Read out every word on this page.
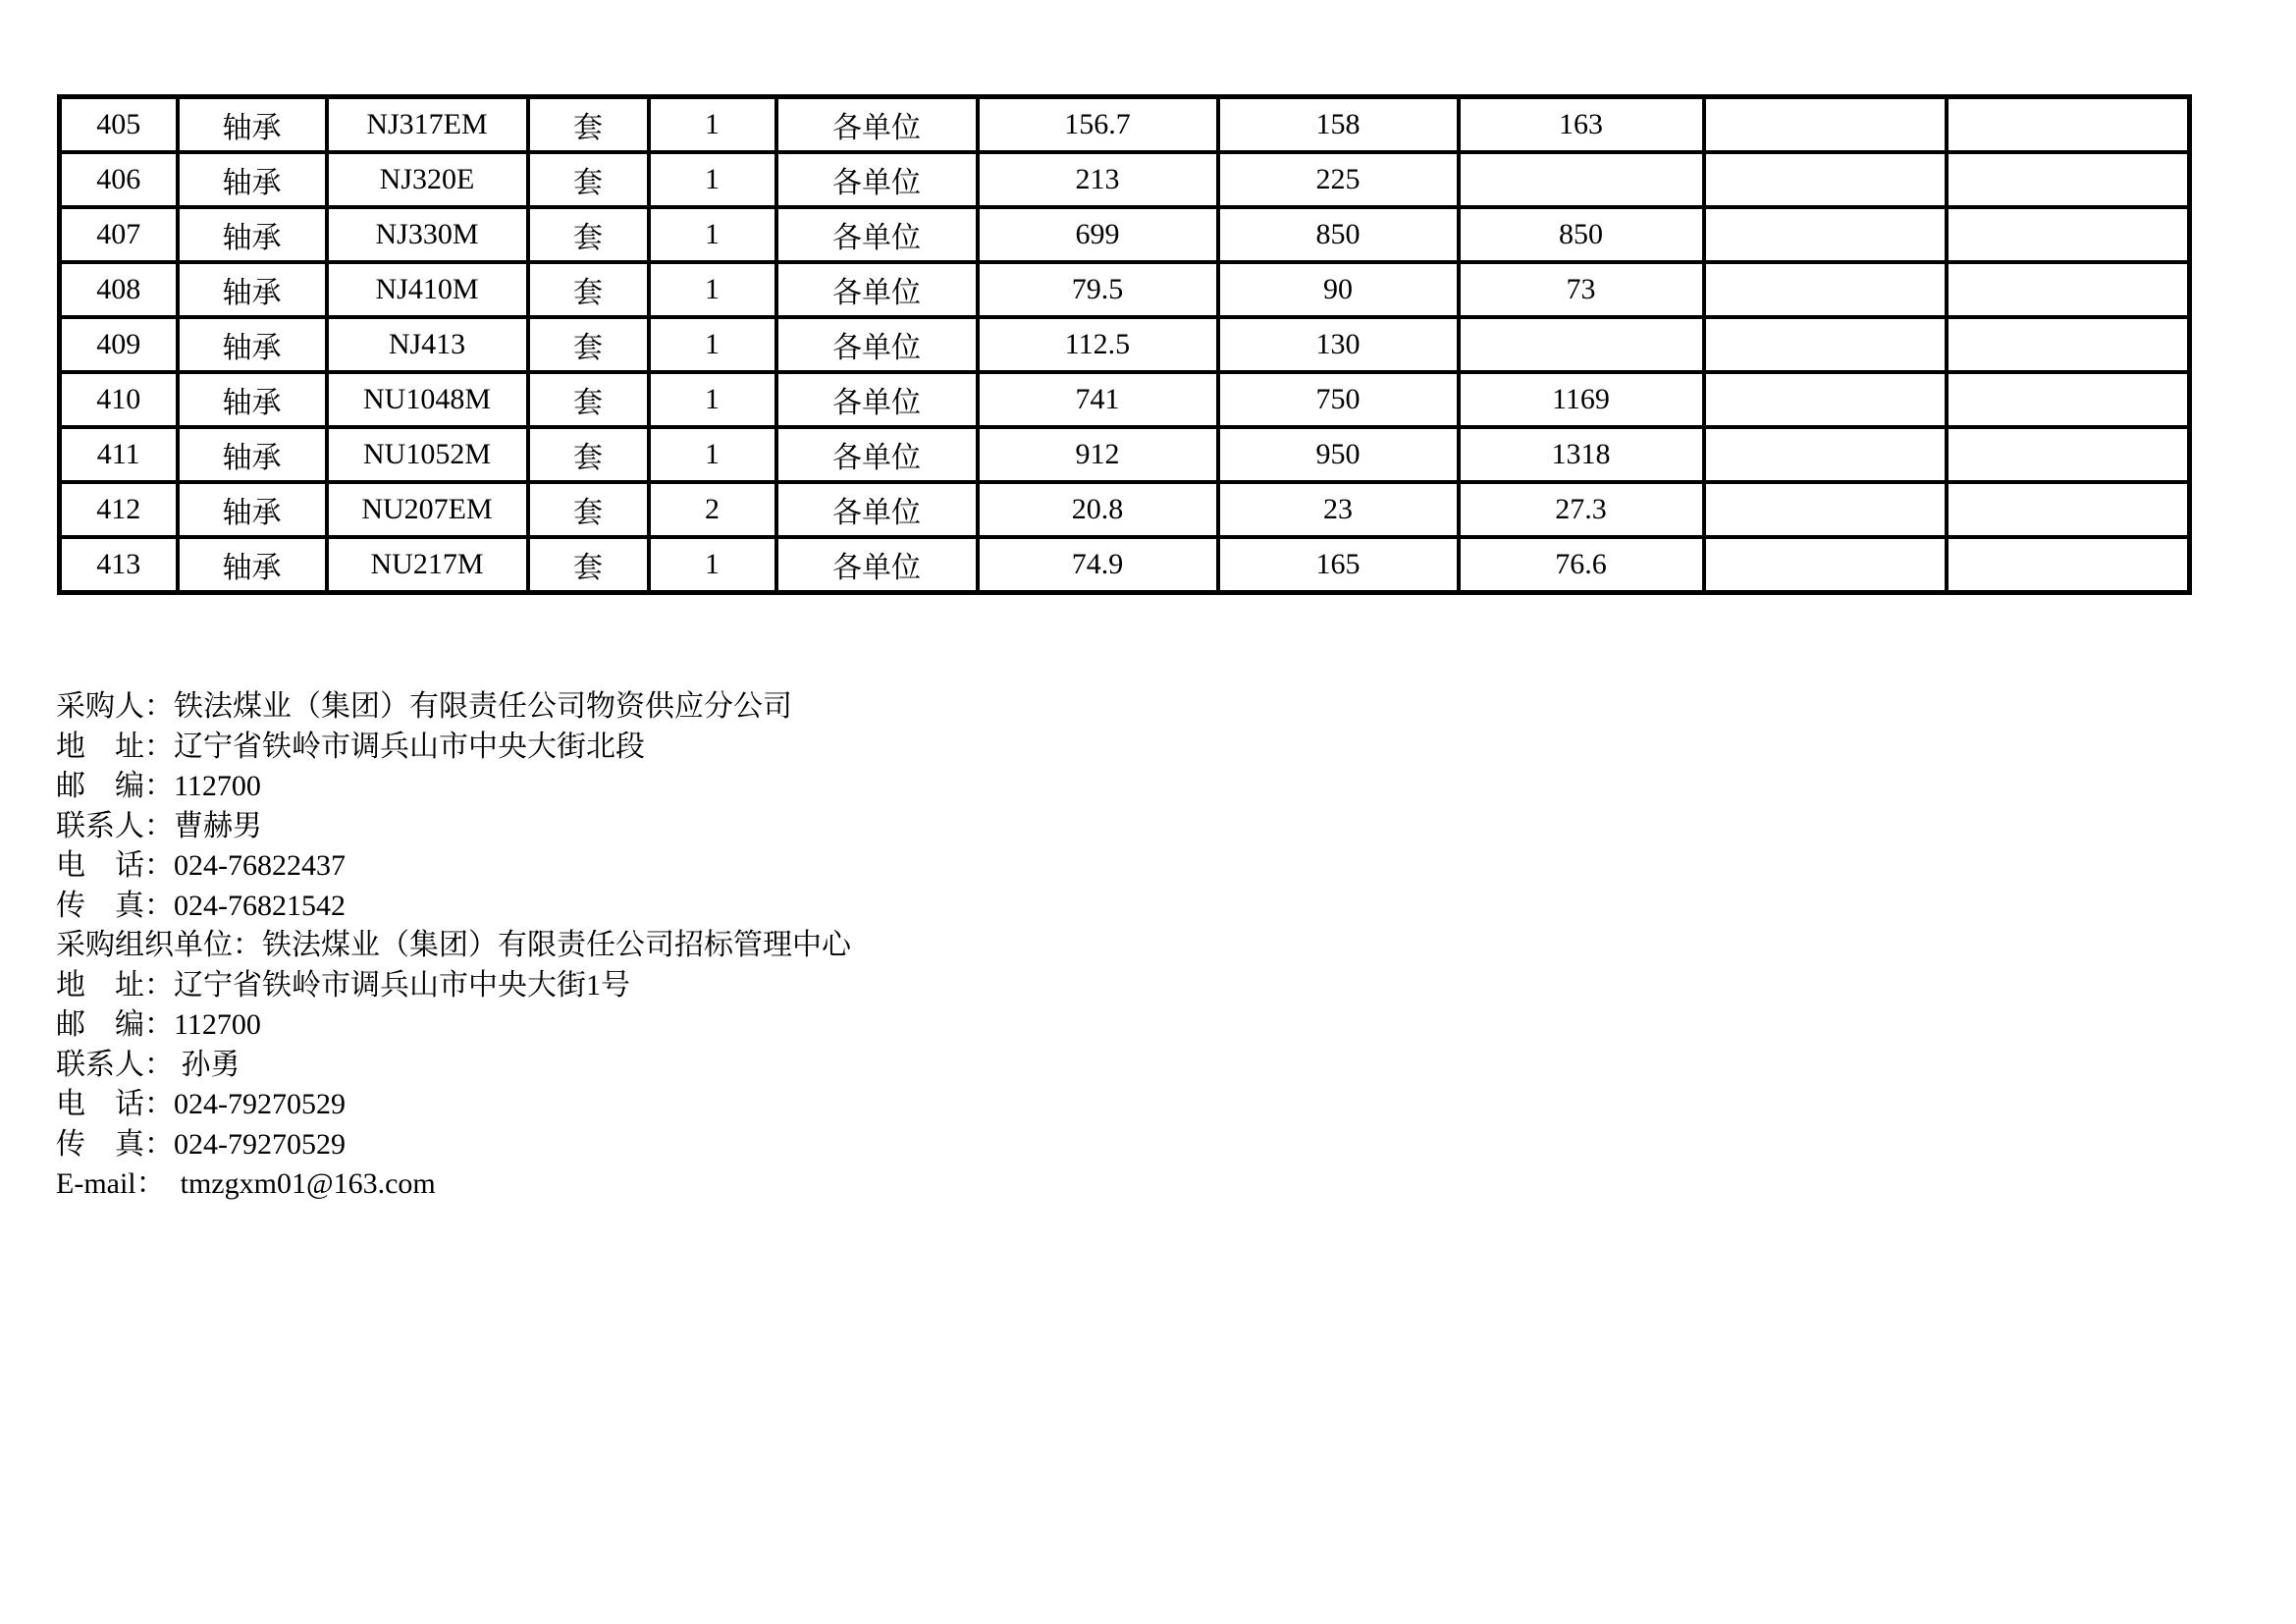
405	轴承	NJ317EM	套	1	各单位	156.7	158	163		
406	轴承	NJ320E	套	1	各单位	213	225			
407	轴承	NJ330M	套	1	各单位	699	850	850		
408	轴承	NJ410M	套	1	各单位	79.5	90	73		
409	轴承	NJ413	套	1	各单位	112.5	130			
410	轴承	NU1048M	套	1	各单位	741	750	1169		
411	轴承	NU1052M	套	1	各单位	912	950	1318		
412	轴承	NU207EM	套	2	各单位	20.8	23	27.3		
413	轴承	NU217M	套	1	各单位	74.9	165	76.6		
采购人：铁法煤业（集团）有限责任公司物资供应分公司
地　址：辽宁省铁岭市调兵山市中央大街北段
邮　编：112700
联系人：曹赫男
电　话：024-76822437
传　真：024-76821542
采购组织单位：铁法煤业（集团）有限责任公司招标管理中心
地　址：辽宁省铁岭市调兵山市中央大街1号
邮　编：112700
联系人： 孙勇
电　话：024-79270529
传　真：024-79270529
E-mail：  tmzgxm01@163.com
